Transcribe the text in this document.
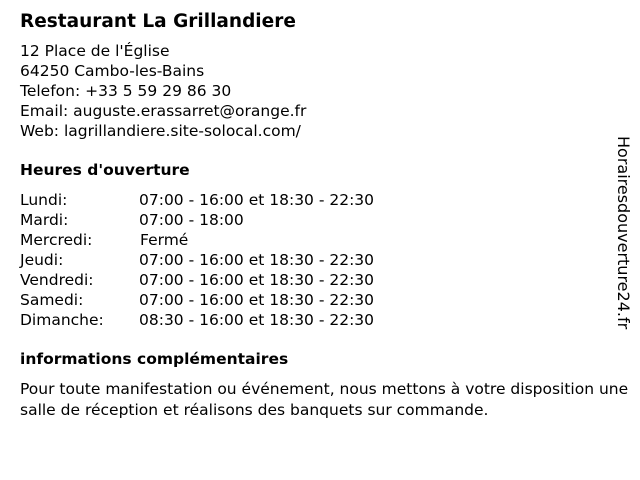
Restaurant La Grillandiere
12 Place de l'Église
64250 Cambo-les-Bains
Telefon: +33 5 59 29 86 30
Email: auguste.erassarret@orange.fr
Web: lagrillandiere.site-solocal.com/
Heures d'ouverture
Lundi:	07:00 - 16:00 et 18:30 - 22:30
Mardi:	07:00 - 18:00
Mercredi:	Fermé
Jeudi:	07:00 - 16:00 et 18:30 - 22:30
Vendredi:	07:00 - 16:00 et 18:30 - 22:30
Samedi:	07:00 - 16:00 et 18:30 - 22:30
Dimanche:	08:30 - 16:00 et 18:30 - 22:30
informations complémentaires
Pour toute manifestation ou événement, nous mettons à votre disposition une salle de réception et réalisons des banquets sur commande.
Horairesdouverture24.fr
